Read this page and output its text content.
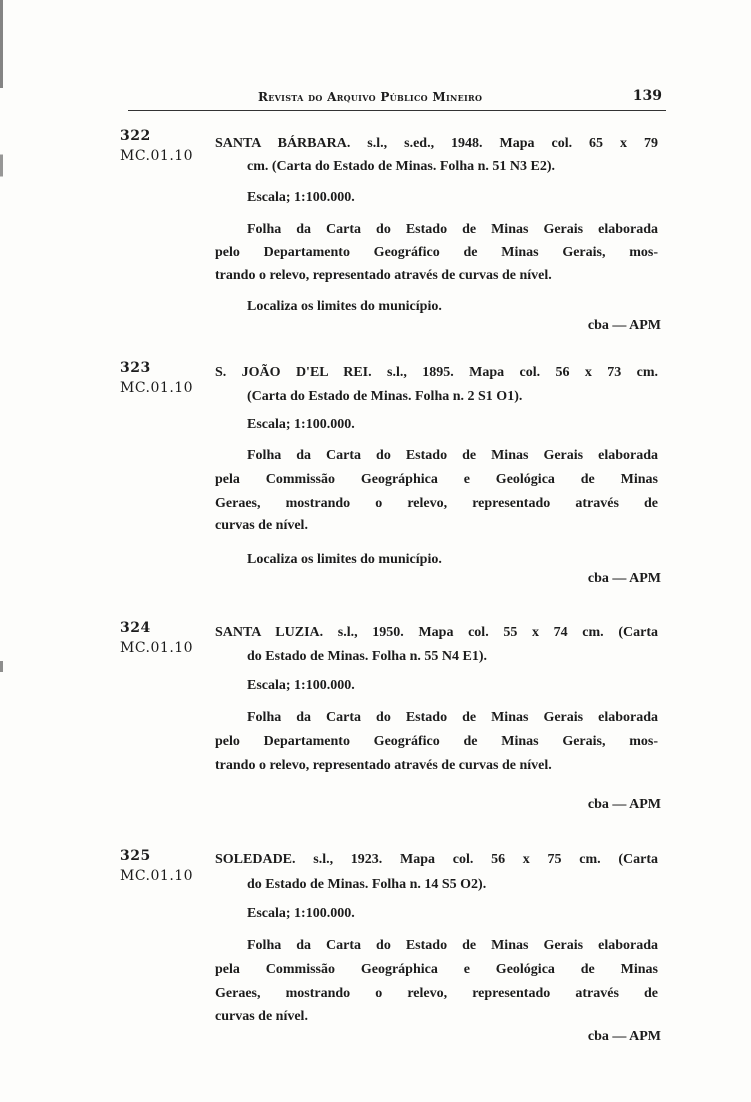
Revista do Arquivo Público Mineiro	139
322
MC.01.10
SANTA BÁRBARA. s.l., s.ed., 1948. Mapa col. 65 x 79
cm. (Carta do Estado de Minas. Folha n. 51 N3 E2).
Escala; 1:100.000.
Folha da Carta do Estado de Minas Gerais elaborada
pelo Departamento Geográfico de Minas Gerais, mos-
trando o relevo, representado através de curvas de nível.
Localiza os limites do município.
cba — APM
323
MC.01.10
S. JOÃO D'EL REI. s.l., 1895. Mapa col. 56 x 73 cm.
(Carta do Estado de Minas. Folha n. 2 S1 O1).
Escala; 1:100.000.
Folha da Carta do Estado de Minas Gerais elaborada
pela Commissão Geográphica e Geológica de Minas
Geraes, mostrando o relevo, representado através de
curvas de nível.
Localiza os limites do município.
cba — APM
324
MC.01.10
SANTA LUZIA. s.l., 1950. Mapa col. 55 x 74 cm. (Carta
do Estado de Minas. Folha n. 55 N4 E1).
Escala; 1:100.000.
Folha da Carta do Estado de Minas Gerais elaborada
pelo Departamento Geográfico de Minas Gerais, mos-
trando o relevo, representado através de curvas de nível.
cba — APM
325
MC.01.10
SOLEDADE. s.l., 1923. Mapa col. 56 x 75 cm. (Carta
do Estado de Minas. Folha n. 14 S5 O2).
Escala; 1:100.000.
Folha da Carta do Estado de Minas Gerais elaborada
pela Commissão Geográphica e Geológica de Minas
Geraes, mostrando o relevo, representado através de
curvas de nível.
cba — APM
